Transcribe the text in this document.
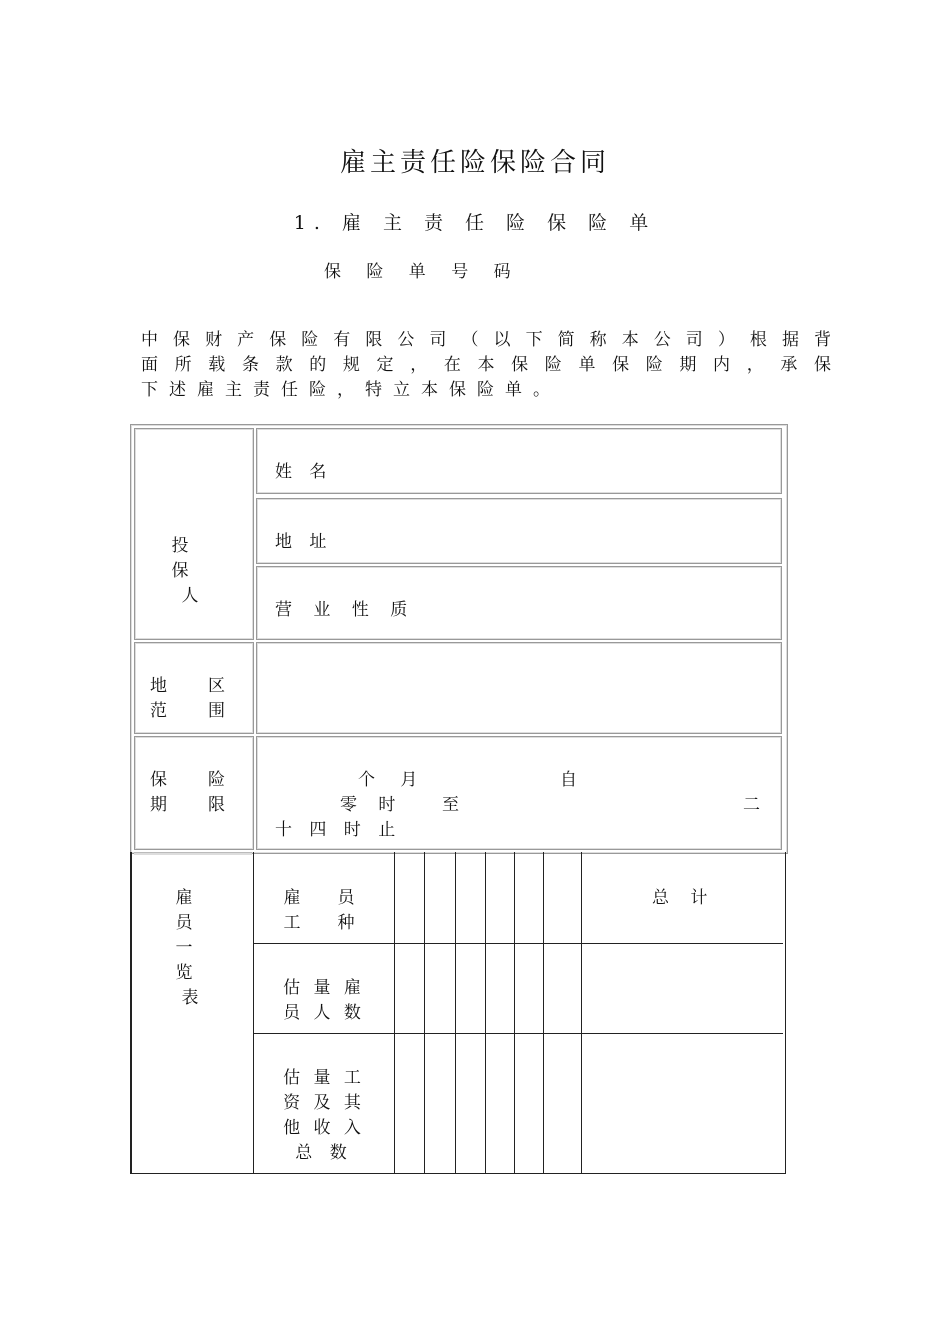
雇主责任险保险合同
1. 雇 主 责 任 险 保 险 单
保 险 单 号 码
中保财产保险有限公司（以下简称本公司）根据背
面所载条款的规定，在本保险单保险期内，承保
下述雇主责任险，特立本保险单。
投　保
人
姓 名
地 址
营 业 性 质
地　区
范　围
保　险
期　限
个 月	自
零 时 至	二
十 四 时 止
雇　员
一　览
表
雇　员
工　种
总 计
估 量 雇
员 人 数
估 量 工
资 及 其
他 收 入
总 数
